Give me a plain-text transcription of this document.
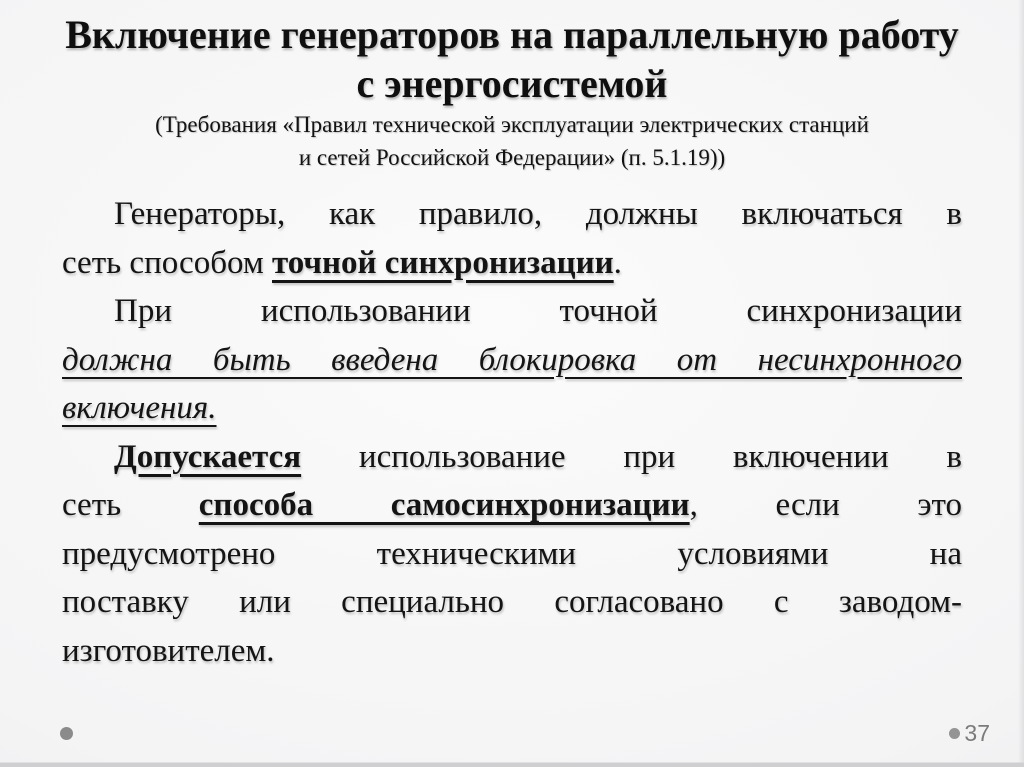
Включение генераторов на параллельную работу
с энергосистемой
(Требования «Правил технической эксплуатации электрических станций
и сетей Российской Федерации» (п. 5.1.19))
Генераторы, как правило, должны включаться в
сеть способом точной синхронизации.
При использовании точной синхронизации
должна быть введена блокировка от несинхронного
включения.
Допускается использование при включении в
сеть способа самосинхронизации, если это
предусмотрено техническими условиями на
поставку или специально согласовано с заводом-
изготовителем.
37
